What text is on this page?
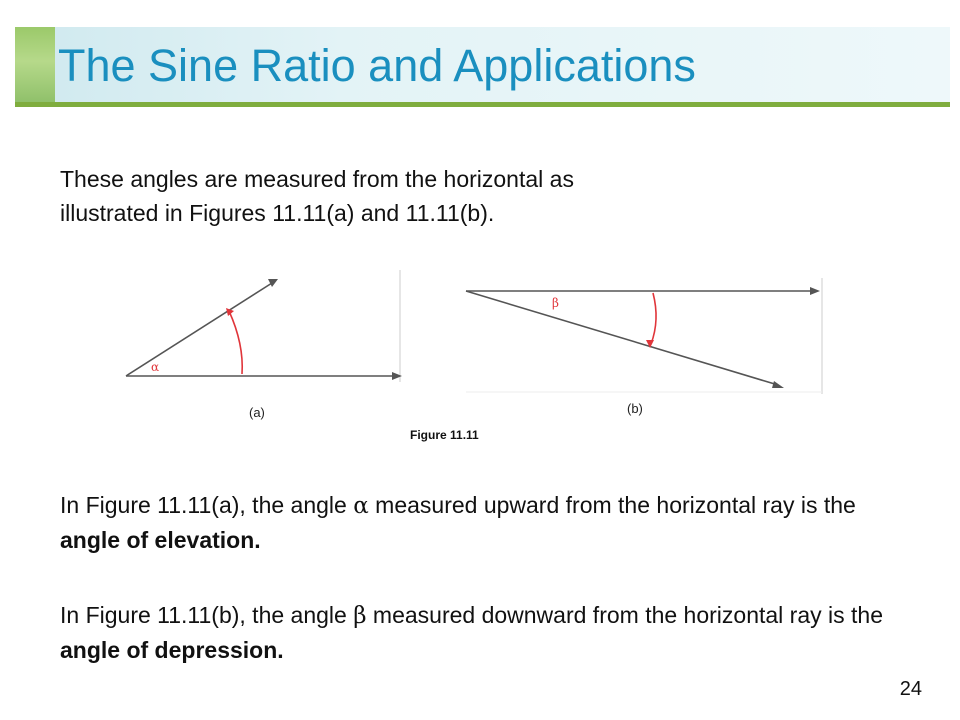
The Sine Ratio and Applications
These angles are measured from the horizontal as
illustrated in Figures 11.11(a) and 11.11(b).
α
(a)
β
(b)
Figure 11.11
In Figure 11.11(a), the angle α measured upward from the horizontal ray is the angle of elevation.
In Figure 11.11(b), the angle β measured downward from the horizontal ray is the angle of depression.
24
